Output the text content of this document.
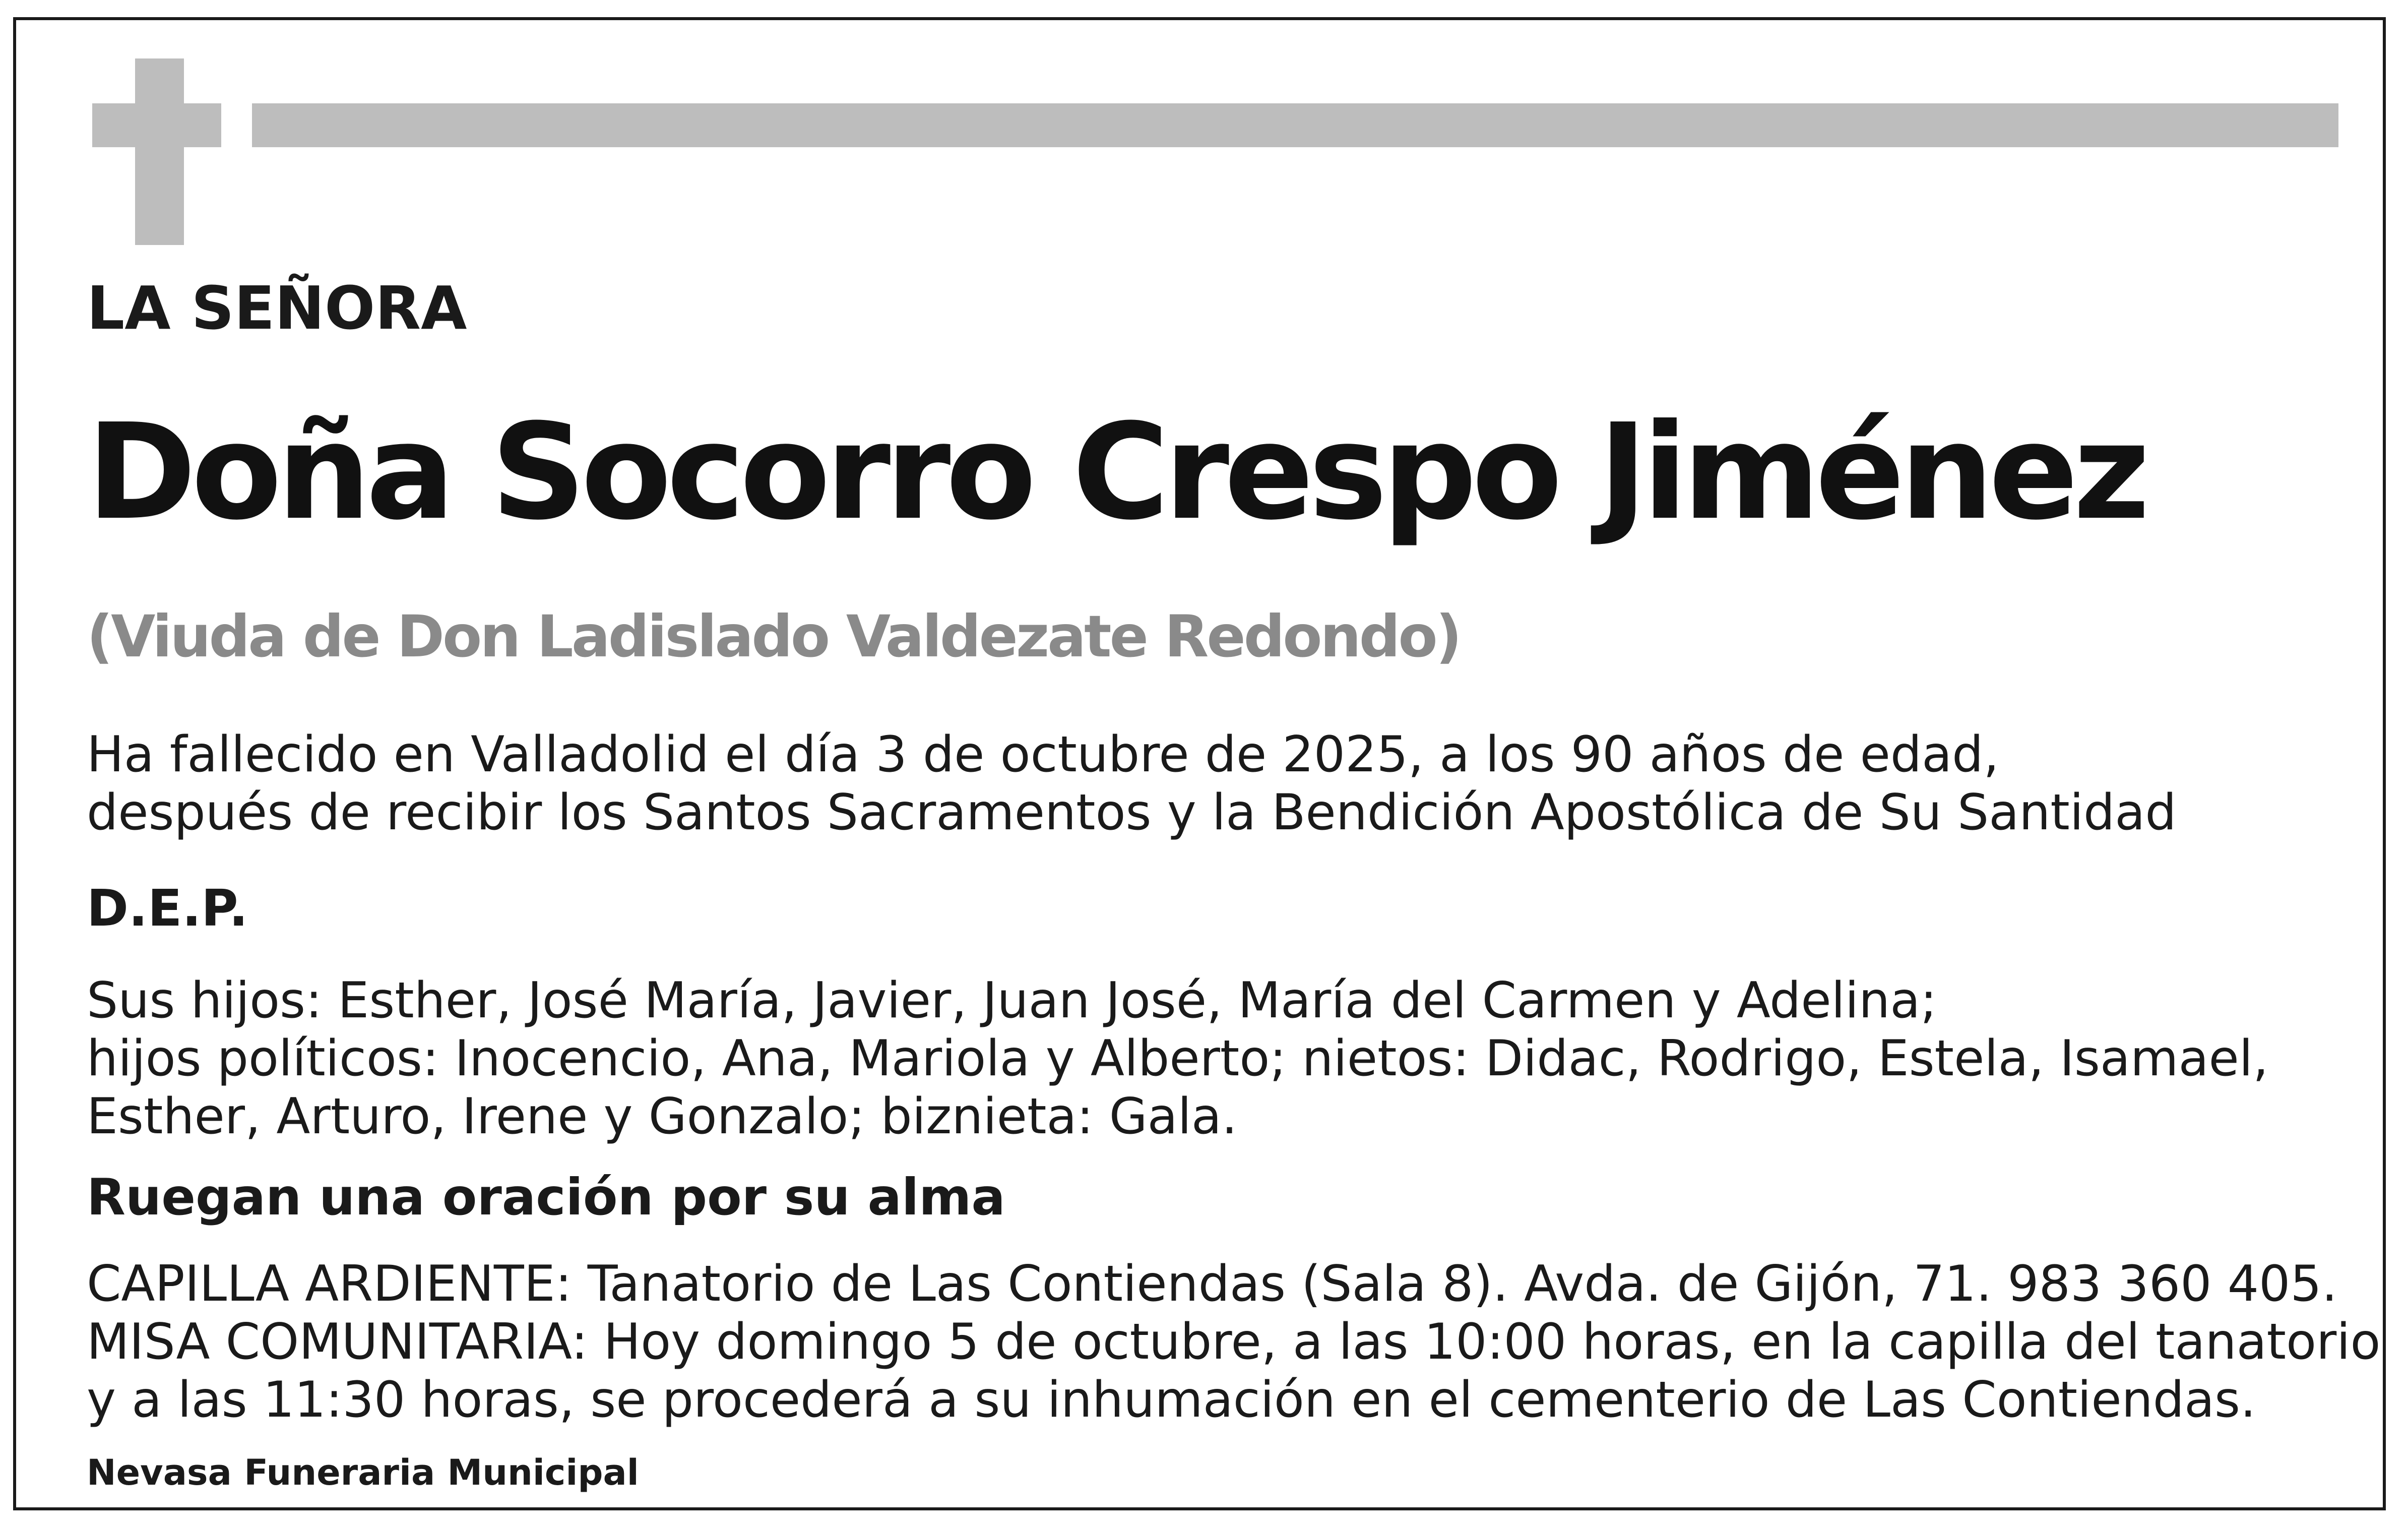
LA SEÑORA

Doña Socorro Crespo Jiménez

(Viuda de Don Ladislado Valdezate Redondo)

Ha fallecido en Valladolid el día 3 de octubre de 2025, a los 90 años de edad,
después de recibir los Santos Sacramentos y la Bendición Apostólica de Su Santidad

D.E.P.

Sus hijos: Esther, José María, Javier, Juan José, María del Carmen y Adelina;
hijos políticos: Inocencio, Ana, Mariola y Alberto; nietos: Didac, Rodrigo, Estela, Isamael,
Esther, Arturo, Irene y Gonzalo; biznieta: Gala.

Ruegan una oración por su alma

CAPILLA ARDIENTE: Tanatorio de Las Contiendas (Sala 8). Avda. de Gijón, 71. 983 360 405.
MISA COMUNITARIA: Hoy domingo 5 de octubre, a las 10:00 horas, en la capilla del tanatorio
y a las 11:30 horas, se procederá a su inhumación en el cementerio de Las Contiendas.

Nevasa Funeraria Municipal
